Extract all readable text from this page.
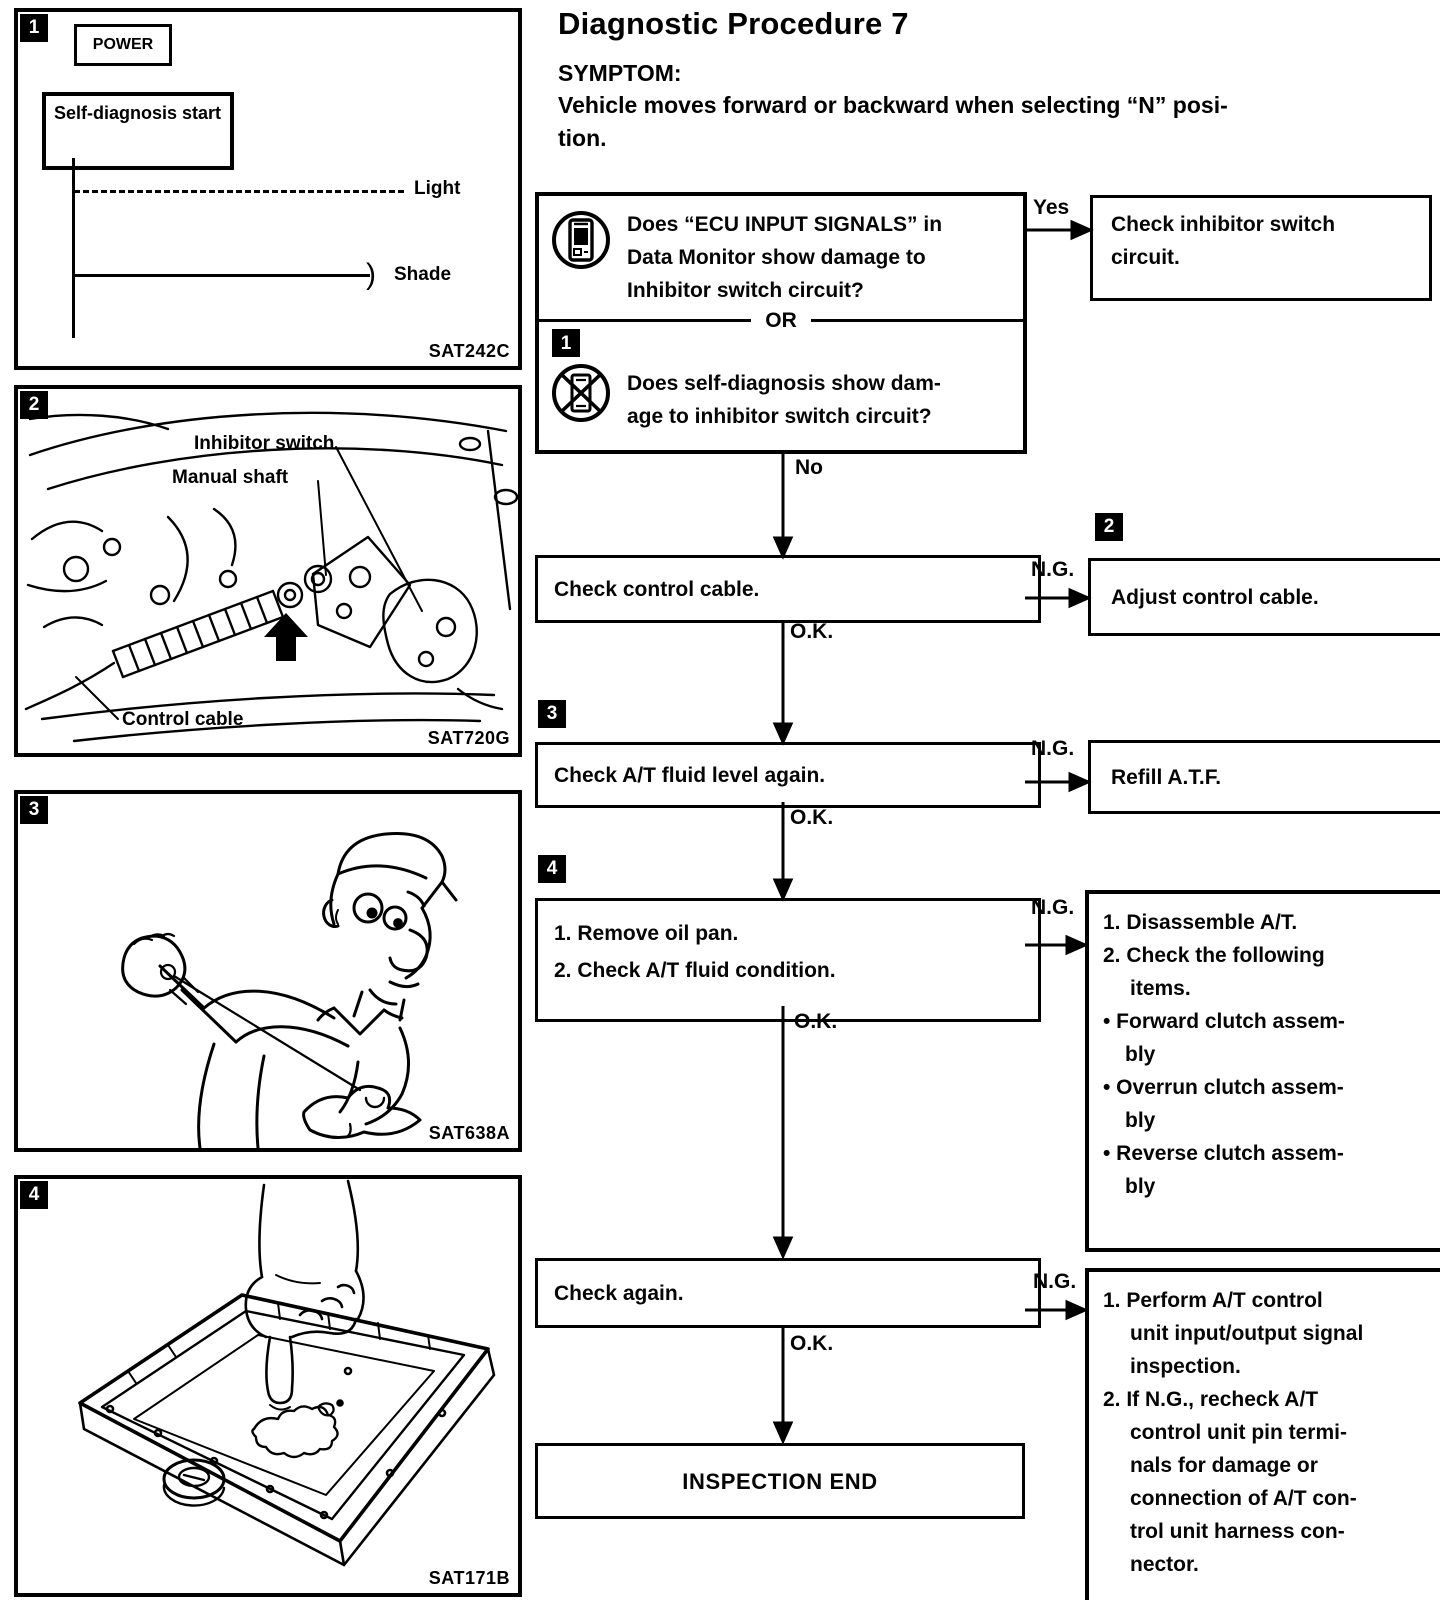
Diagnostic Procedure 7
SYMPTOM:
Vehicle moves forward or backward when selecting “N” posi-
tion.
1
POWER
Self-diagnosis start
Light
) Shade
SAT242C
2
Inhibitor switch
Manual shaft
Control cable
SAT720G
3
SAT638A
4
SAT171B
Does “ECU INPUT SIGNALS” in
Data Monitor show damage to
Inhibitor switch circuit?
OR
1
Does self-diagnosis show dam-
age to inhibitor switch circuit?
Check inhibitor switch
circuit.
Check control cable.
2
Adjust control cable.
3
Check A/T fluid level again.	Refill A.T.F.
4
1. Remove oil pan.
2. Check A/T fluid condition.
1. Disassemble A/T.
2. Check the following
items.
• Forward clutch assem-
bly
• Overrun clutch assem-
bly
• Reverse clutch assem-
bly
Check again.	1. Perform A/T control
unit input/output signal
inspection.
2. If N.G., recheck A/T
control unit pin termi-
nals for damage or
connection of A/T con-
trol unit harness con-
nector.
INSPECTION END
Yes
No
N.G.
O.K.
N.G.
O.K.
N.G.
O.K.
N.G.
O.K.
